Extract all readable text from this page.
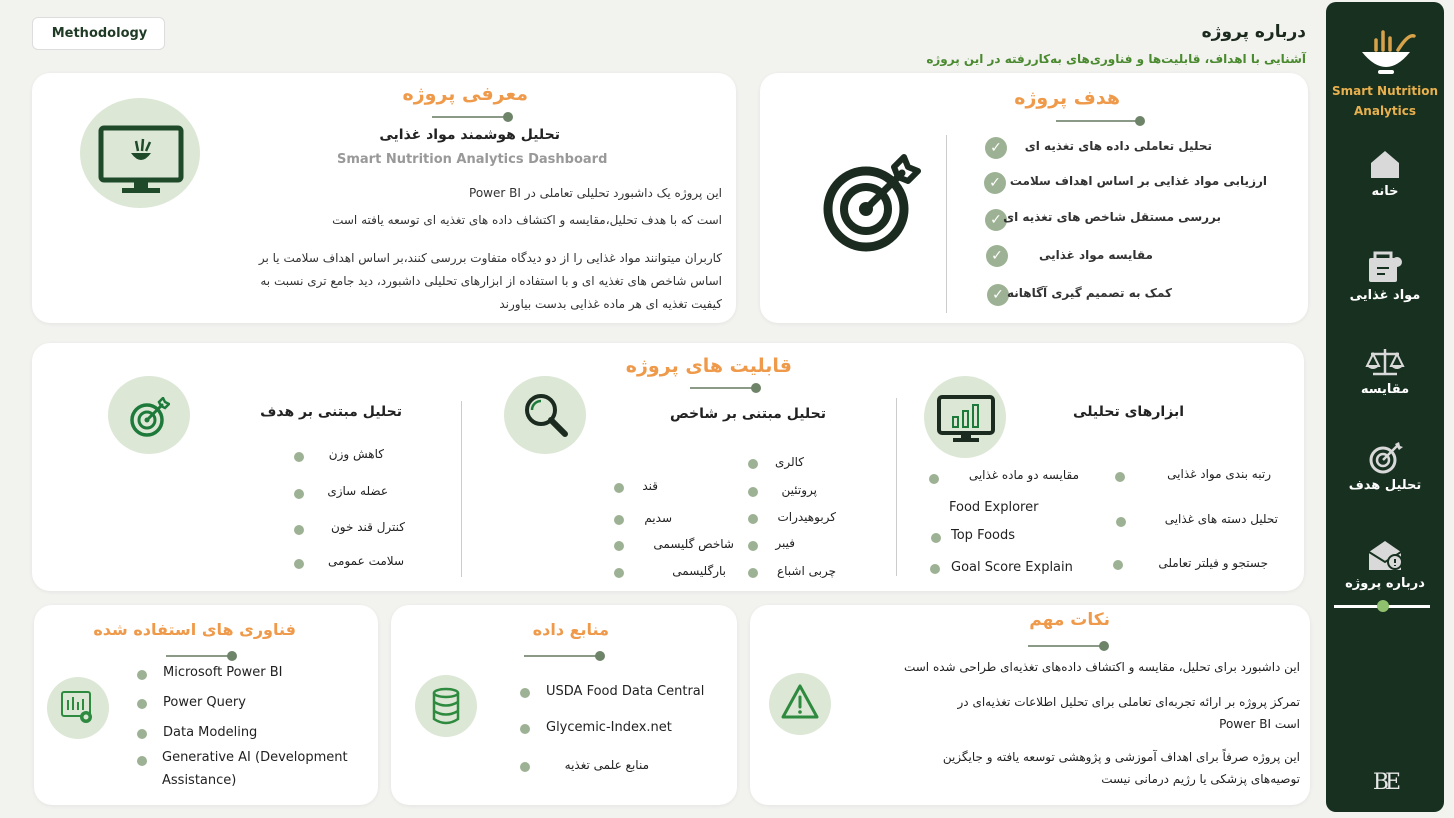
Methodology	درباره پروژه
آشنایی با اهداف، قابلیت‌ها و فناوری‌های به‌کاررفته در این پروژه
معرفی پروژه
تحلیل هوشمند مواد غذایی
Smart Nutrition Analytics Dashboard
این پروژه یک داشبورد تحلیلی تعاملی در Power BI
است که با هدف تحلیل،مقایسه و اکتشاف داده های تغذیه ای توسعه یافته است
کاربران میتوانند مواد غذایی را از دو دیدگاه متفاوت بررسی کنند،بر اساس اهداف سلامت یا بر
اساس شاخص های تغذیه ای و با استفاده از ابزارهای تحلیلی داشبورد، دید جامع تری نسبت به
کیفیت تغذیه ای هر ماده غذایی بدست بیاورند
هدف پروژه
✓	تحلیل تعاملی داده های تغذیه ای
✓ ارزیابی مواد غذایی بر اساس اهداف سلامت
✓ بررسی مستقل شاخص های تغذیه ای
✓	مقایسه مواد غذایی
✓ کمک به تصمیم گیری آگاهانه
قابلیت های پروژه
ابزارهای تحلیلی
رتبه بندی مواد غذایی
تحلیل دسته های غذایی
جستجو و فیلتر تعاملی
مقایسه دو ماده غذایی
Food Explorer
Top Foods
Goal Score Explain
تحلیل مبتنی بر شاخص
کالری
پروتئین
کربوهیدرات
فیبر
چربی اشباع
قند
سدیم
شاخص گلیسمی
بارگلیسمی
تحلیل مبتنی بر هدف
کاهش وزن
عضله سازی
کنترل قند خون
سلامت عمومی
فناوری های استفاده شده
Microsoft Power BI
Power Query
Data Modeling
Generative AI (Development
Assistance)
منابع داده
USDA Food Data Central
Glycemic-Index.net
منابع علمی تغذیه
نکات مهم
این داشبورد برای تحلیل، مقایسه و اکتشاف داده‌های تغذیه‌ای طراحی شده است
تمرکز پروژه بر ارائه تجربه‌ای تعاملی برای تحلیل اطلاعات تغذیه‌ای در
Power BI است
این پروژه صرفاً برای اهداف آموزشی و پژوهشی توسعه یافته و جایگزین
توصیه‌های پزشکی یا رژیم درمانی نیست
Smart Nutrition
Analytics
خانه
مواد غذایی
مقایسه
تحلیل هدف
درباره پروژه
BE
